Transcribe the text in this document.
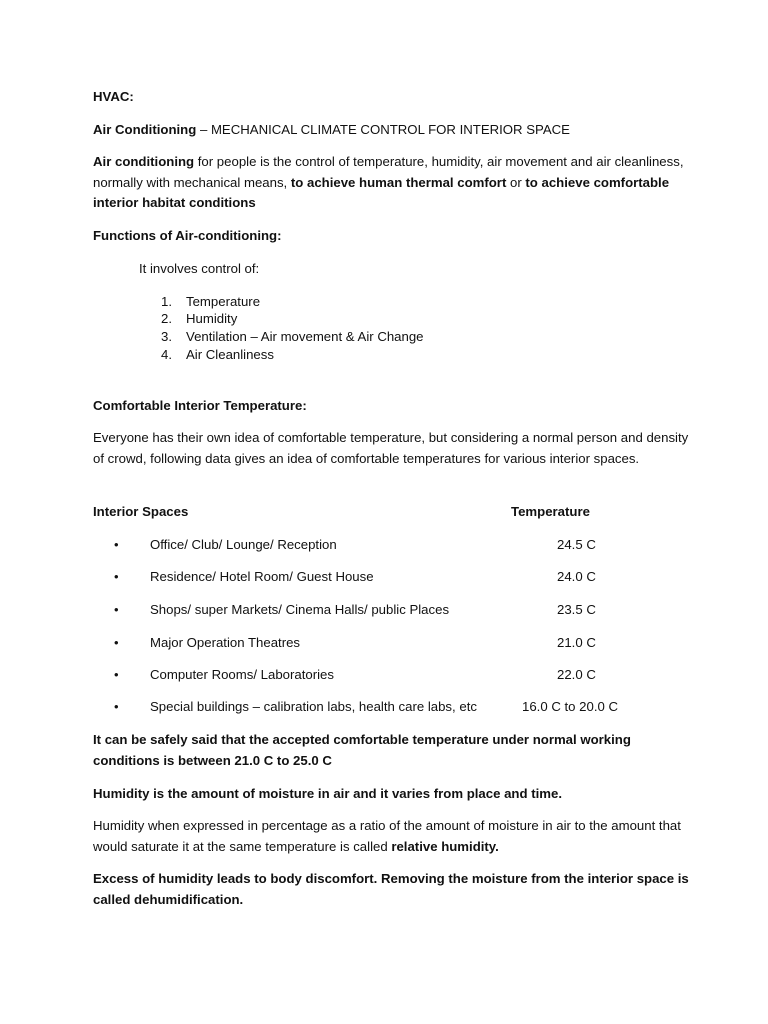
HVAC:
Air Conditioning – MECHANICAL CLIMATE CONTROL FOR INTERIOR SPACE
Air conditioning for people is the control of temperature, humidity, air movement and air cleanliness, normally with mechanical means, to achieve human thermal comfort or to achieve comfortable interior habitat conditions
Functions of Air-conditioning:
It involves control of:
1. Temperature
2. Humidity
3. Ventilation – Air movement & Air Change
4. Air Cleanliness
Comfortable Interior Temperature:
Everyone has their own idea of comfortable temperature, but considering a normal person and density of crowd, following data gives an idea of comfortable temperatures for various interior spaces.
Interior Spaces	Temperature
• Office/ Club/ Lounge/ Reception	24.5 C
• Residence/ Hotel Room/ Guest House	24.0 C
• Shops/ super Markets/ Cinema Halls/ public Places	23.5 C
• Major Operation Theatres	21.0 C
• Computer Rooms/ Laboratories	22.0 C
• Special buildings – calibration labs, health care labs, etc	16.0 C to 20.0 C
It can be safely said that the accepted comfortable temperature under normal working conditions is between 21.0 C to 25.0 C
Humidity is the amount of moisture in air and it varies from place and time.
Humidity when expressed in percentage as a ratio of the amount of moisture in air to the amount that would saturate it at the same temperature is called relative humidity.
Excess of humidity leads to body discomfort. Removing the moisture from the interior space is called dehumidification.
